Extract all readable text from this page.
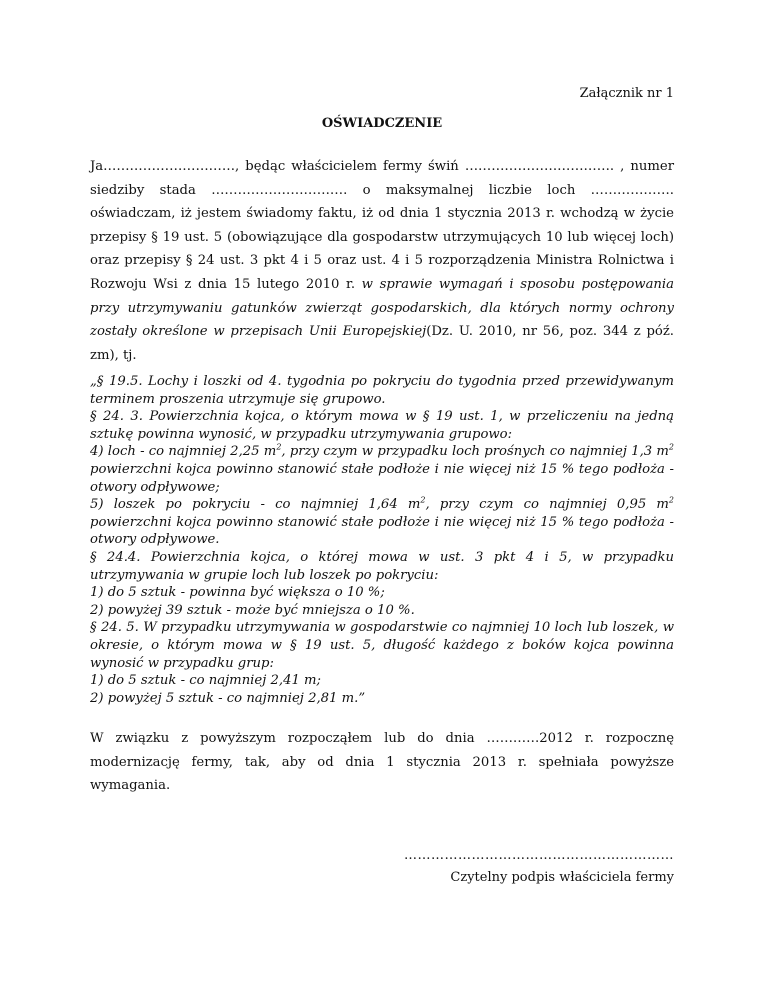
Załącznik nr 1
OŚWIADCZENIE
Ja…………………………, będąc właścicielem fermy świń ……………………………. , numer siedziby stada …………………………. o maksymalnej liczbie loch ………………. oświadczam, iż jestem świadomy faktu, iż od dnia 1 stycznia 2013 r. wchodzą w życie przepisy § 19 ust. 5 (obowiązujące dla gospodarstw utrzymujących 10 lub więcej loch) oraz przepisy § 24 ust. 3 pkt 4 i 5 oraz ust. 4 i 5 rozporządzenia Ministra Rolnictwa i Rozwoju Wsi z dnia 15 lutego 2010 r. w sprawie wymagań i sposobu postępowania przy utrzymywaniu gatunków zwierząt gospodarskich, dla których normy ochrony zostały określone w przepisach Unii Europejskiej(Dz. U. 2010, nr 56, poz. 344 z póź. zm), tj.

„§ 19.5. Lochy i loszki od 4. tygodnia po pokryciu do tygodnia przed przewidywanym terminem proszenia utrzymuje się grupowo.

§ 24. 3. Powierzchnia kojca, o którym mowa w § 19 ust. 1, w przeliczeniu na jedną sztukę powinna wynosić, w przypadku utrzymywania grupowo:

4) loch - co najmniej 2,25 $m^2$, przy czym w przypadku loch prośnych co najmniej 1,3 $m^2$ powierzchni kojca powinno stanowić stałe podłoże i nie więcej niż 15 % tego podłoża - otwory odpływowe;

5) loszek po pokryciu - co najmniej 1,64 $m^2$, przy czym co najmniej 0,95 $m^2$ powierzchni kojca powinno stanowić stałe podłoże i nie więcej niż 15 % tego podłoża - otwory odpływowe.

§ 24.4. Powierzchnia kojca, o której mowa w ust. 3 pkt 4 i 5, w przypadku utrzymywania w grupie loch lub loszek po pokryciu:

1) do 5 sztuk - powinna być większa o 10 %;

2) powyżej 39 sztuk - może być mniejsza o 10 %.

§ 24. 5. W przypadku utrzymywania w gospodarstwie co najmniej 10 loch lub loszek, w okresie, o którym mowa w § 19 ust. 5, długość każdego z boków kojca powinna wynosić w przypadku grup:

1) do 5 sztuk - co najmniej 2,41 m;

2) powyżej 5 sztuk - co najmniej 2,81 m.”

W związku z powyższym rozpocząłem lub do dnia …………2012 r. rozpocznę modernizację fermy, tak, aby od dnia 1 stycznia 2013 r. spełniała powyższe wymagania.
……………………………………………………
Czytelny podpis właściciela fermy
